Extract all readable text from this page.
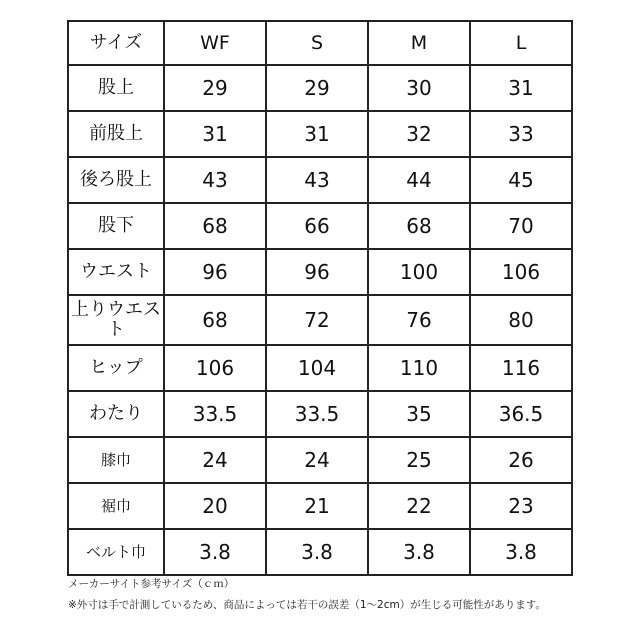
サイズ	WF	S	M	L
股上	29	29	30	31
前股上	31	31	32	33
後ろ股上	43	43	44	45
股下	68	66	68	70
ウエスト	96	96	100	106
上りウエスト	68	72	76	80
ヒップ	106	104	110	116
わたり	33.5	33.5	35	36.5
膝巾	24	24	25	26
裾巾	20	21	22	23
ベルト巾	3.8	3.8	3.8	3.8
メーカーサイト参考サイズ（ｃｍ）
※外寸は手で計測しているため、商品によっては若干の誤差（1〜2cm）が生じる可能性があります。
